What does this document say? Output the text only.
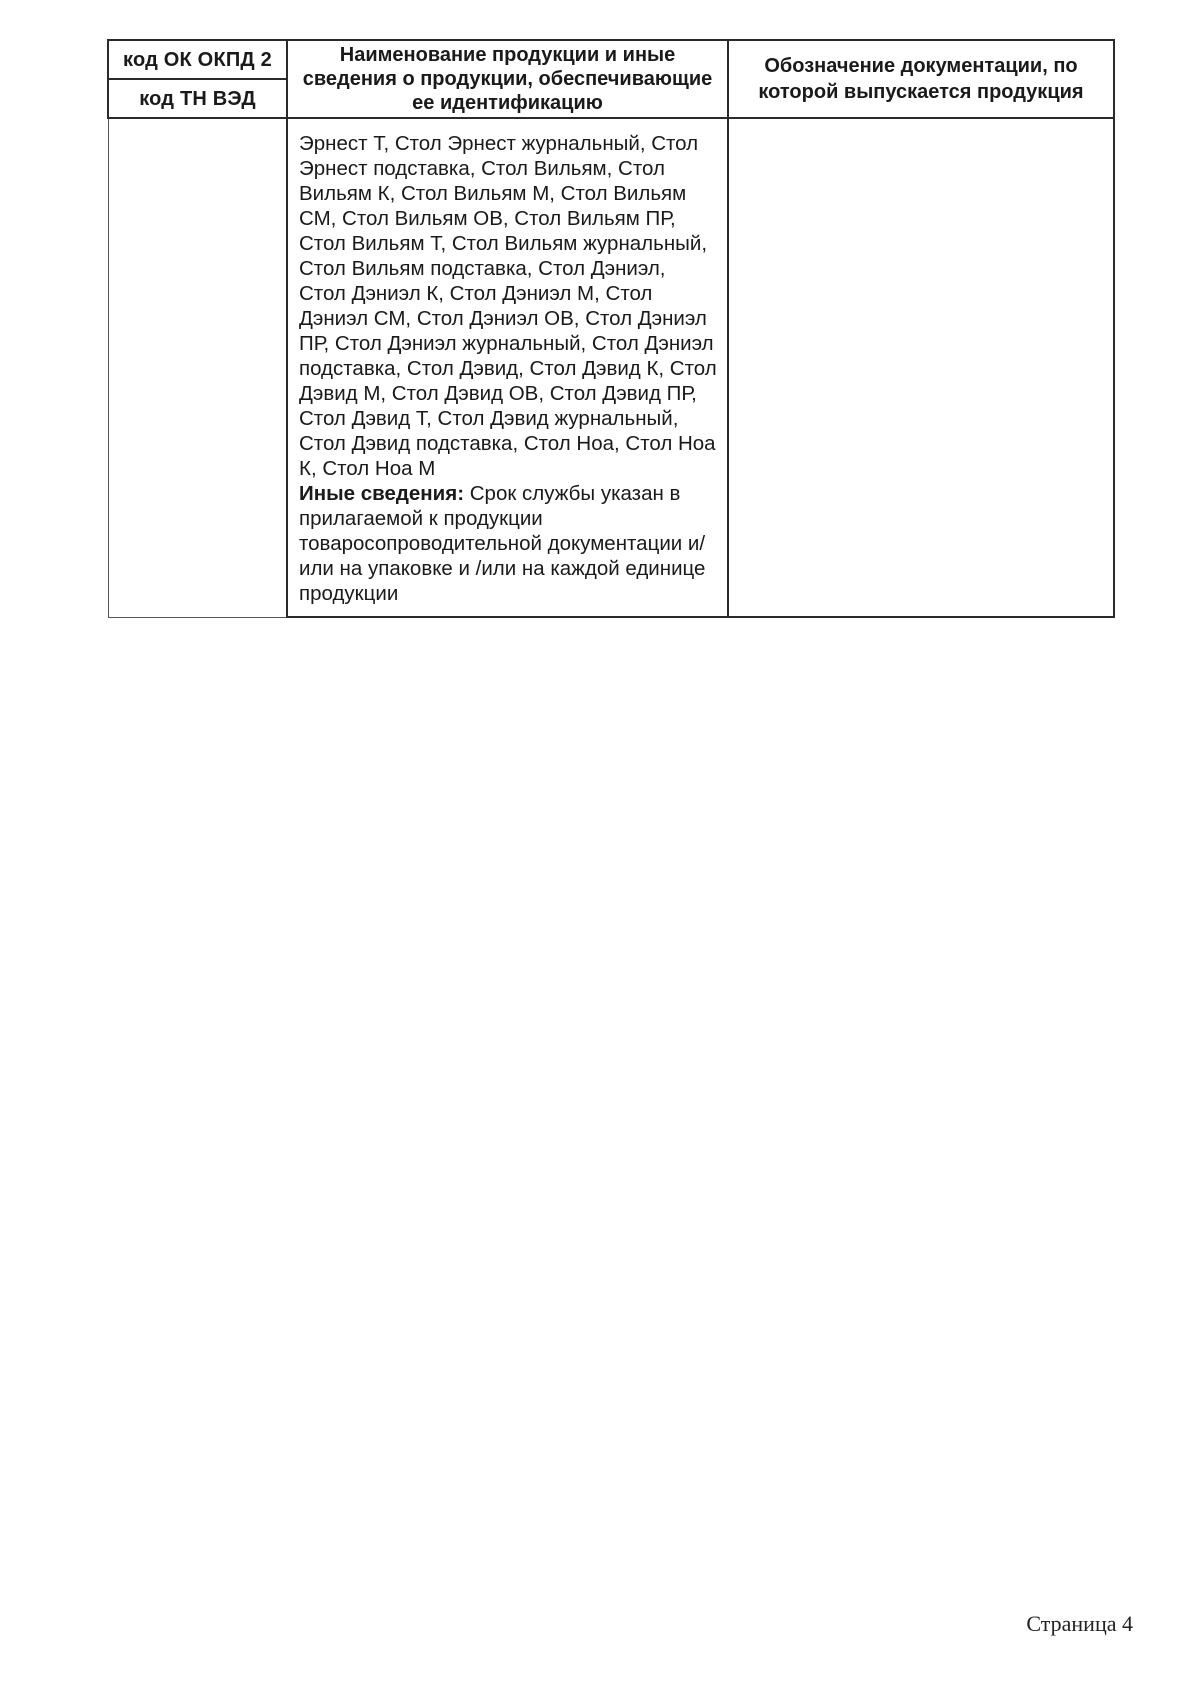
код ОК ОКПД 2	Наименование продукции и иные сведения о продукции, обеспечивающие ее идентификацию	Обозначение документации, по которой выпускается продукция
код ТН ВЭД		
	Эрнест Т, Стол Эрнест журнальный, Стол Эрнест подставка, Стол Вильям, Стол Вильям К, Стол Вильям М, Стол Вильям СМ, Стол Вильям ОВ, Стол Вильям ПР, Стол Вильям Т, Стол Вильям журнальный, Стол Вильям подставка, Стол Дэниэл, Стол Дэниэл К, Стол Дэниэл М, Стол Дэниэл СМ, Стол Дэниэл ОВ, Стол Дэниэл ПР, Стол Дэниэл журнальный, Стол Дэниэл подставка, Стол Дэвид, Стол Дэвид К, Стол Дэвид М, Стол Дэвид ОВ, Стол Дэвид ПР, Стол Дэвид Т, Стол Дэвид журнальный, Стол Дэвид подставка, Стол Ноа, Стол Ноа К, Стол Ноа М
Иные сведения: Срок службы указан в прилагаемой к продукции товаросопроводительной документации и/или на упаковке и /или на каждой единице продукции	
Страница 4
